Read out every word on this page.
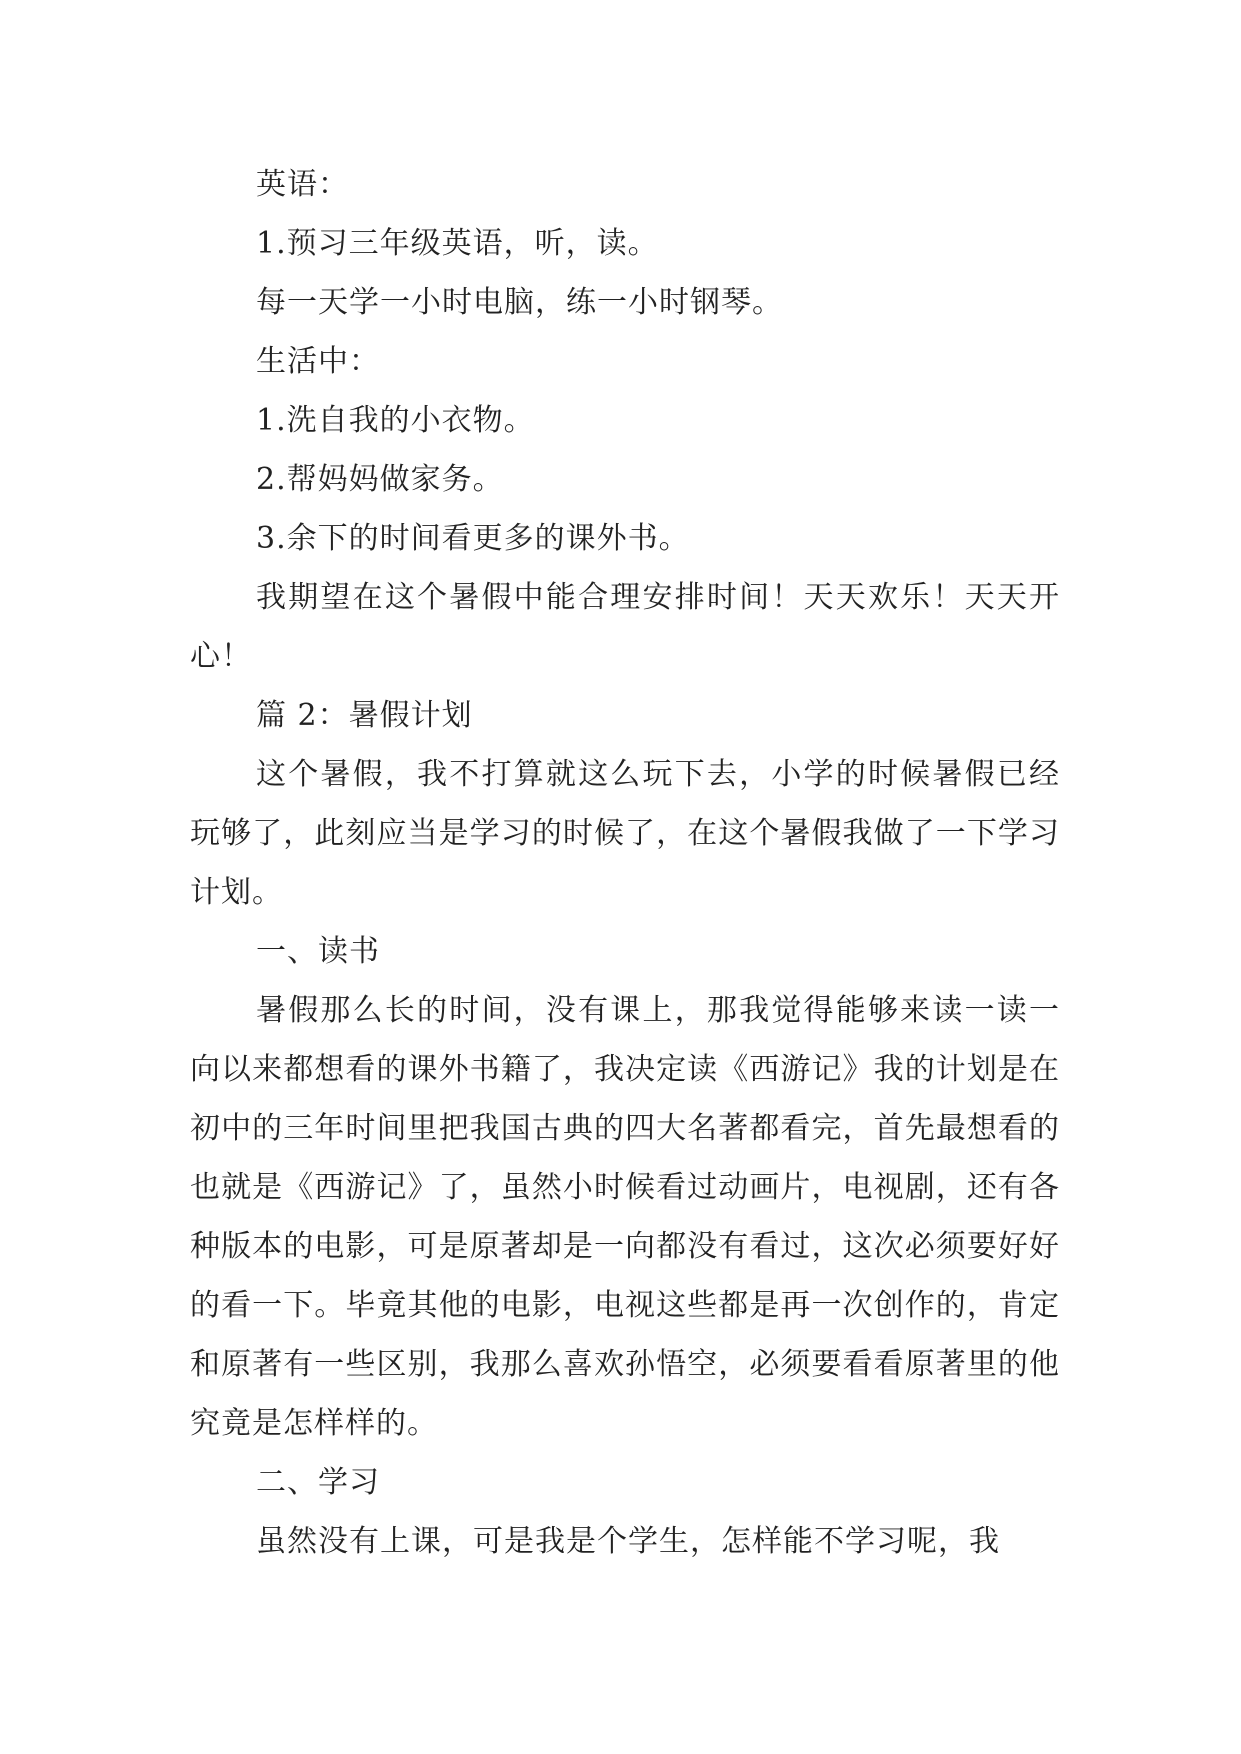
英语：

1.预习三年级英语，听，读。

每一天学一小时电脑，练一小时钢琴。

生活中：

1.洗自我的小衣物。

2.帮妈妈做家务。

3.余下的时间看更多的课外书。

我期望在这个暑假中能合理安排时间！天天欢乐！天天开心！

篇 2：暑假计划

这个暑假，我不打算就这么玩下去，小学的时候暑假已经玩够了，此刻应当是学习的时候了，在这个暑假我做了一下学习计划。

一、读书

暑假那么长的时间，没有课上，那我觉得能够来读一读一向以来都想看的课外书籍了，我决定读《西游记》我的计划是在初中的三年时间里把我国古典的四大名著都看完，首先最想看的也就是《西游记》了，虽然小时候看过动画片，电视剧，还有各种版本的电影，可是原著却是一向都没有看过，这次必须要好好的看一下。毕竟其他的电影，电视这些都是再一次创作的，肯定和原著有一些区别，我那么喜欢孙悟空，必须要看看原著里的他究竟是怎样样的。

二、学习

虽然没有上课，可是我是个学生，怎样能不学习呢，我
